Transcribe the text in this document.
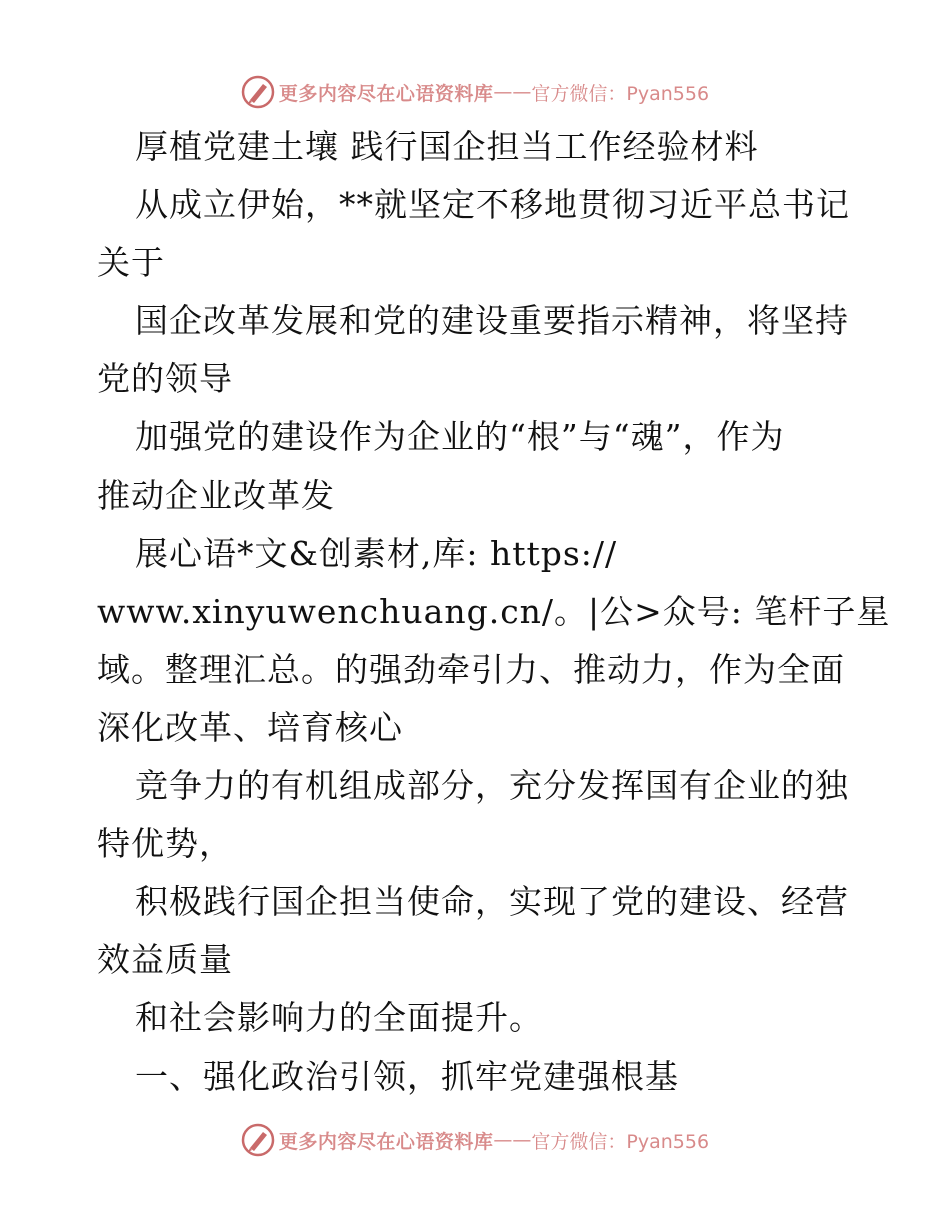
更多内容尽在心语资料库 —— 官方微信：Pyan556
厚植党建土壤 践行国企担当工作经验材料
从成立伊始，**就坚定不移地贯彻习近平总书记
关于
国企改革发展和党的建设重要指示精神，将坚持
党的领导
加强党的建设作为企业的“根”与“魂”，作为
推动企业改革发
展心语*文&创素材,库: https://
www.xinyuwenchuang.cn/。|公>众号: 笔杆子星
域。整理汇总。的强劲牵引力、推动力，作为全面
深化改革、培育核心
竞争力的有机组成部分，充分发挥国有企业的独
特优势，
积极践行国企担当使命，实现了党的建设、经营
效益质量
和社会影响力的全面提升。
一、强化政治引领，抓牢党建强根基
更多内容尽在心语资料库 —— 官方微信：Pyan556
